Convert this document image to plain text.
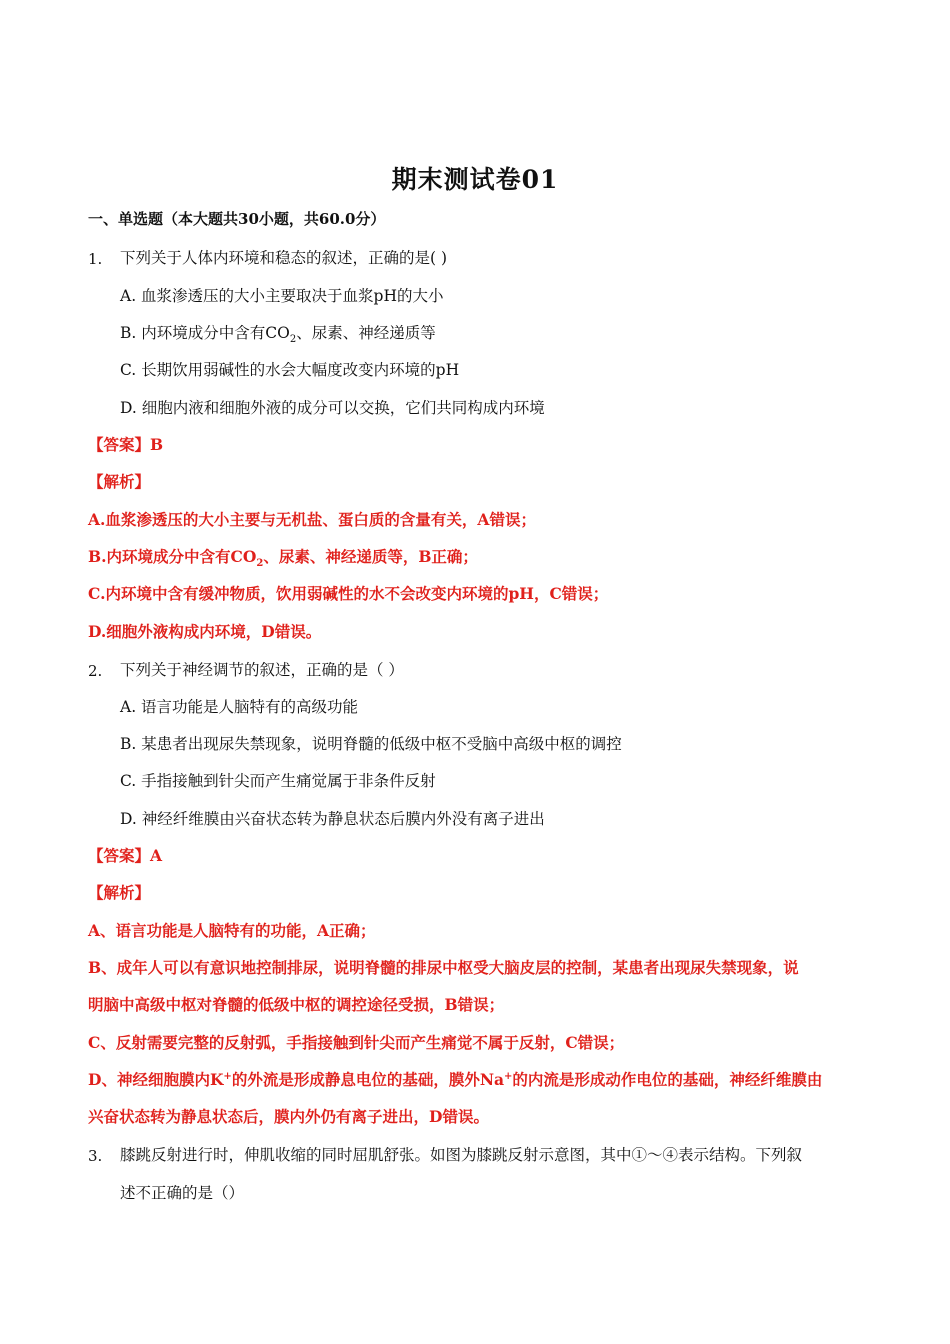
期末测试卷01
一、单选题（本大题共30小题，共60.0分）
1. 下列关于人体内环境和稳态的叙述，正确的是( )
A. 血浆渗透压的大小主要取决于血浆pH的大小
B. 内环境成分中含有$CO_2$、尿素、神经递质等
C. 长期饮用弱碱性的水会大幅度改变内环境的pH
D. 细胞内液和细胞外液的成分可以交换，它们共同构成内环境
【答案】B
【解析】
A.血浆渗透压的大小主要与无机盐、蛋白质的含量有关，A错误；
B.内环境成分中含有$CO_2$、尿素、神经递质等，B正确；
C.内环境中含有缓冲物质，饮用弱碱性的水不会改变内环境的pH，C错误；
D.细胞外液构成内环境，D错误。
2. 下列关于神经调节的叙述，正确的是（ ）
A. 语言功能是人脑特有的高级功能
B. 某患者出现尿失禁现象，说明脊髓的低级中枢不受脑中高级中枢的调控
C. 手指接触到针尖而产生痛觉属于非条件反射
D. 神经纤维膜由兴奋状态转为静息状态后膜内外没有离子进出
【答案】A
【解析】
A、语言功能是人脑特有的功能，A正确；
B、成年人可以有意识地控制排尿，说明脊髓的排尿中枢受大脑皮层的控制，某患者出现尿失禁现象，说
明脑中高级中枢对脊髓的低级中枢的调控途径受损，B错误；
C、反射需要完整的反射弧，手指接触到针尖而产生痛觉不属于反射，C错误；
D、神经细胞膜内K+的外流是形成静息电位的基础，膜外Na+的内流是形成动作电位的基础，神经纤维膜由
兴奋状态转为静息状态后，膜内外仍有离子进出，D错误。
3. 膝跳反射进行时，伸肌收缩的同时屈肌舒张。如图为膝跳反射示意图，其中①～④表示结构。下列叙
述不正确的是（）
